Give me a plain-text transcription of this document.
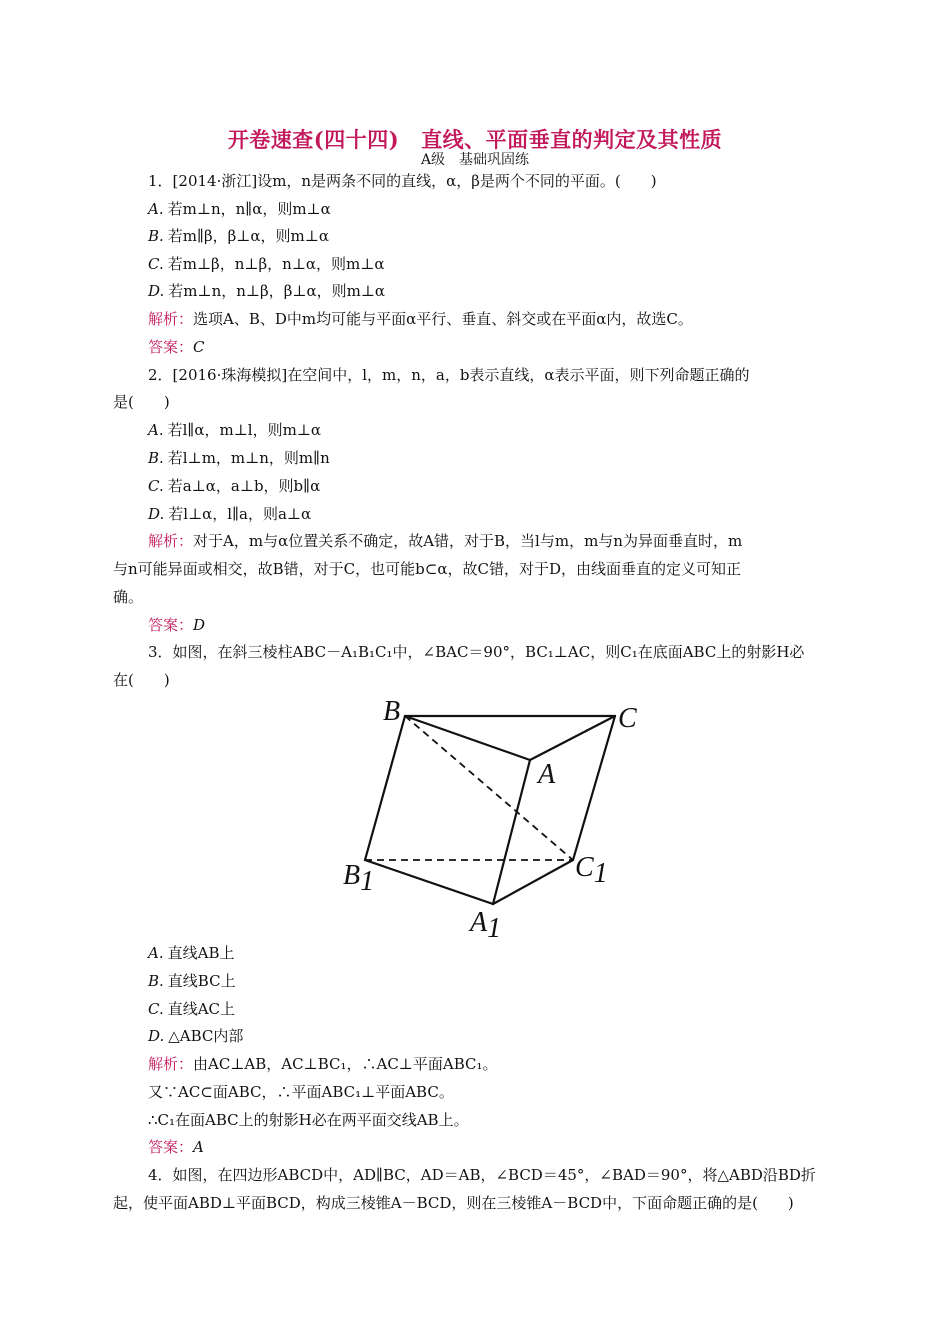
开卷速查(四十四) 直线、平面垂直的判定及其性质
A级　基础巩固练
1．[2014·浙江]设m，n是两条不同的直线，α，β是两个不同的平面。(　　)
A. 若m⊥n，n∥α，则m⊥α
B. 若m∥β，β⊥α，则m⊥α
C. 若m⊥β，n⊥β，n⊥α，则m⊥α
D. 若m⊥n，n⊥β，β⊥α，则m⊥α
解析：选项A、B、D中m均可能与平面α平行、垂直、斜交或在平面α内，故选C。
答案：C
2．[2016·珠海模拟]在空间中，l，m，n，a，b表示直线，α表示平面，则下列命题正确的
是(　　)
A. 若l∥α，m⊥l，则m⊥α
B. 若l⊥m，m⊥n，则m∥n
C. 若a⊥α，a⊥b，则b∥α
D. 若l⊥α，l∥a，则a⊥α
解析：对于A，m与α位置关系不确定，故A错，对于B，当l与m，m与n为异面垂直时，m
与n可能异面或相交，故B错，对于C，也可能b⊂α，故C错，对于D，由线面垂直的定义可知正
确。
答案：D
3．如图，在斜三棱柱ABC－A₁B₁C₁中，∠BAC＝90°，BC₁⊥AC，则C₁在底面ABC上的射影H必
在(　　)
B	C
A
B1	C1
A1
A. 直线AB上
B. 直线BC上
C. 直线AC上
D. △ABC内部
解析：由AC⊥AB，AC⊥BC₁，∴AC⊥平面ABC₁。
又∵AC⊂面ABC，∴平面ABC₁⊥平面ABC。
∴C₁在面ABC上的射影H必在两平面交线AB上。
答案：A
4．如图，在四边形ABCD中，AD∥BC，AD＝AB，∠BCD＝45°，∠BAD＝90°，将△ABD沿BD折
起，使平面ABD⊥平面BCD，构成三棱锥A－BCD，则在三棱锥A－BCD中，下面命题正确的是(　　)
